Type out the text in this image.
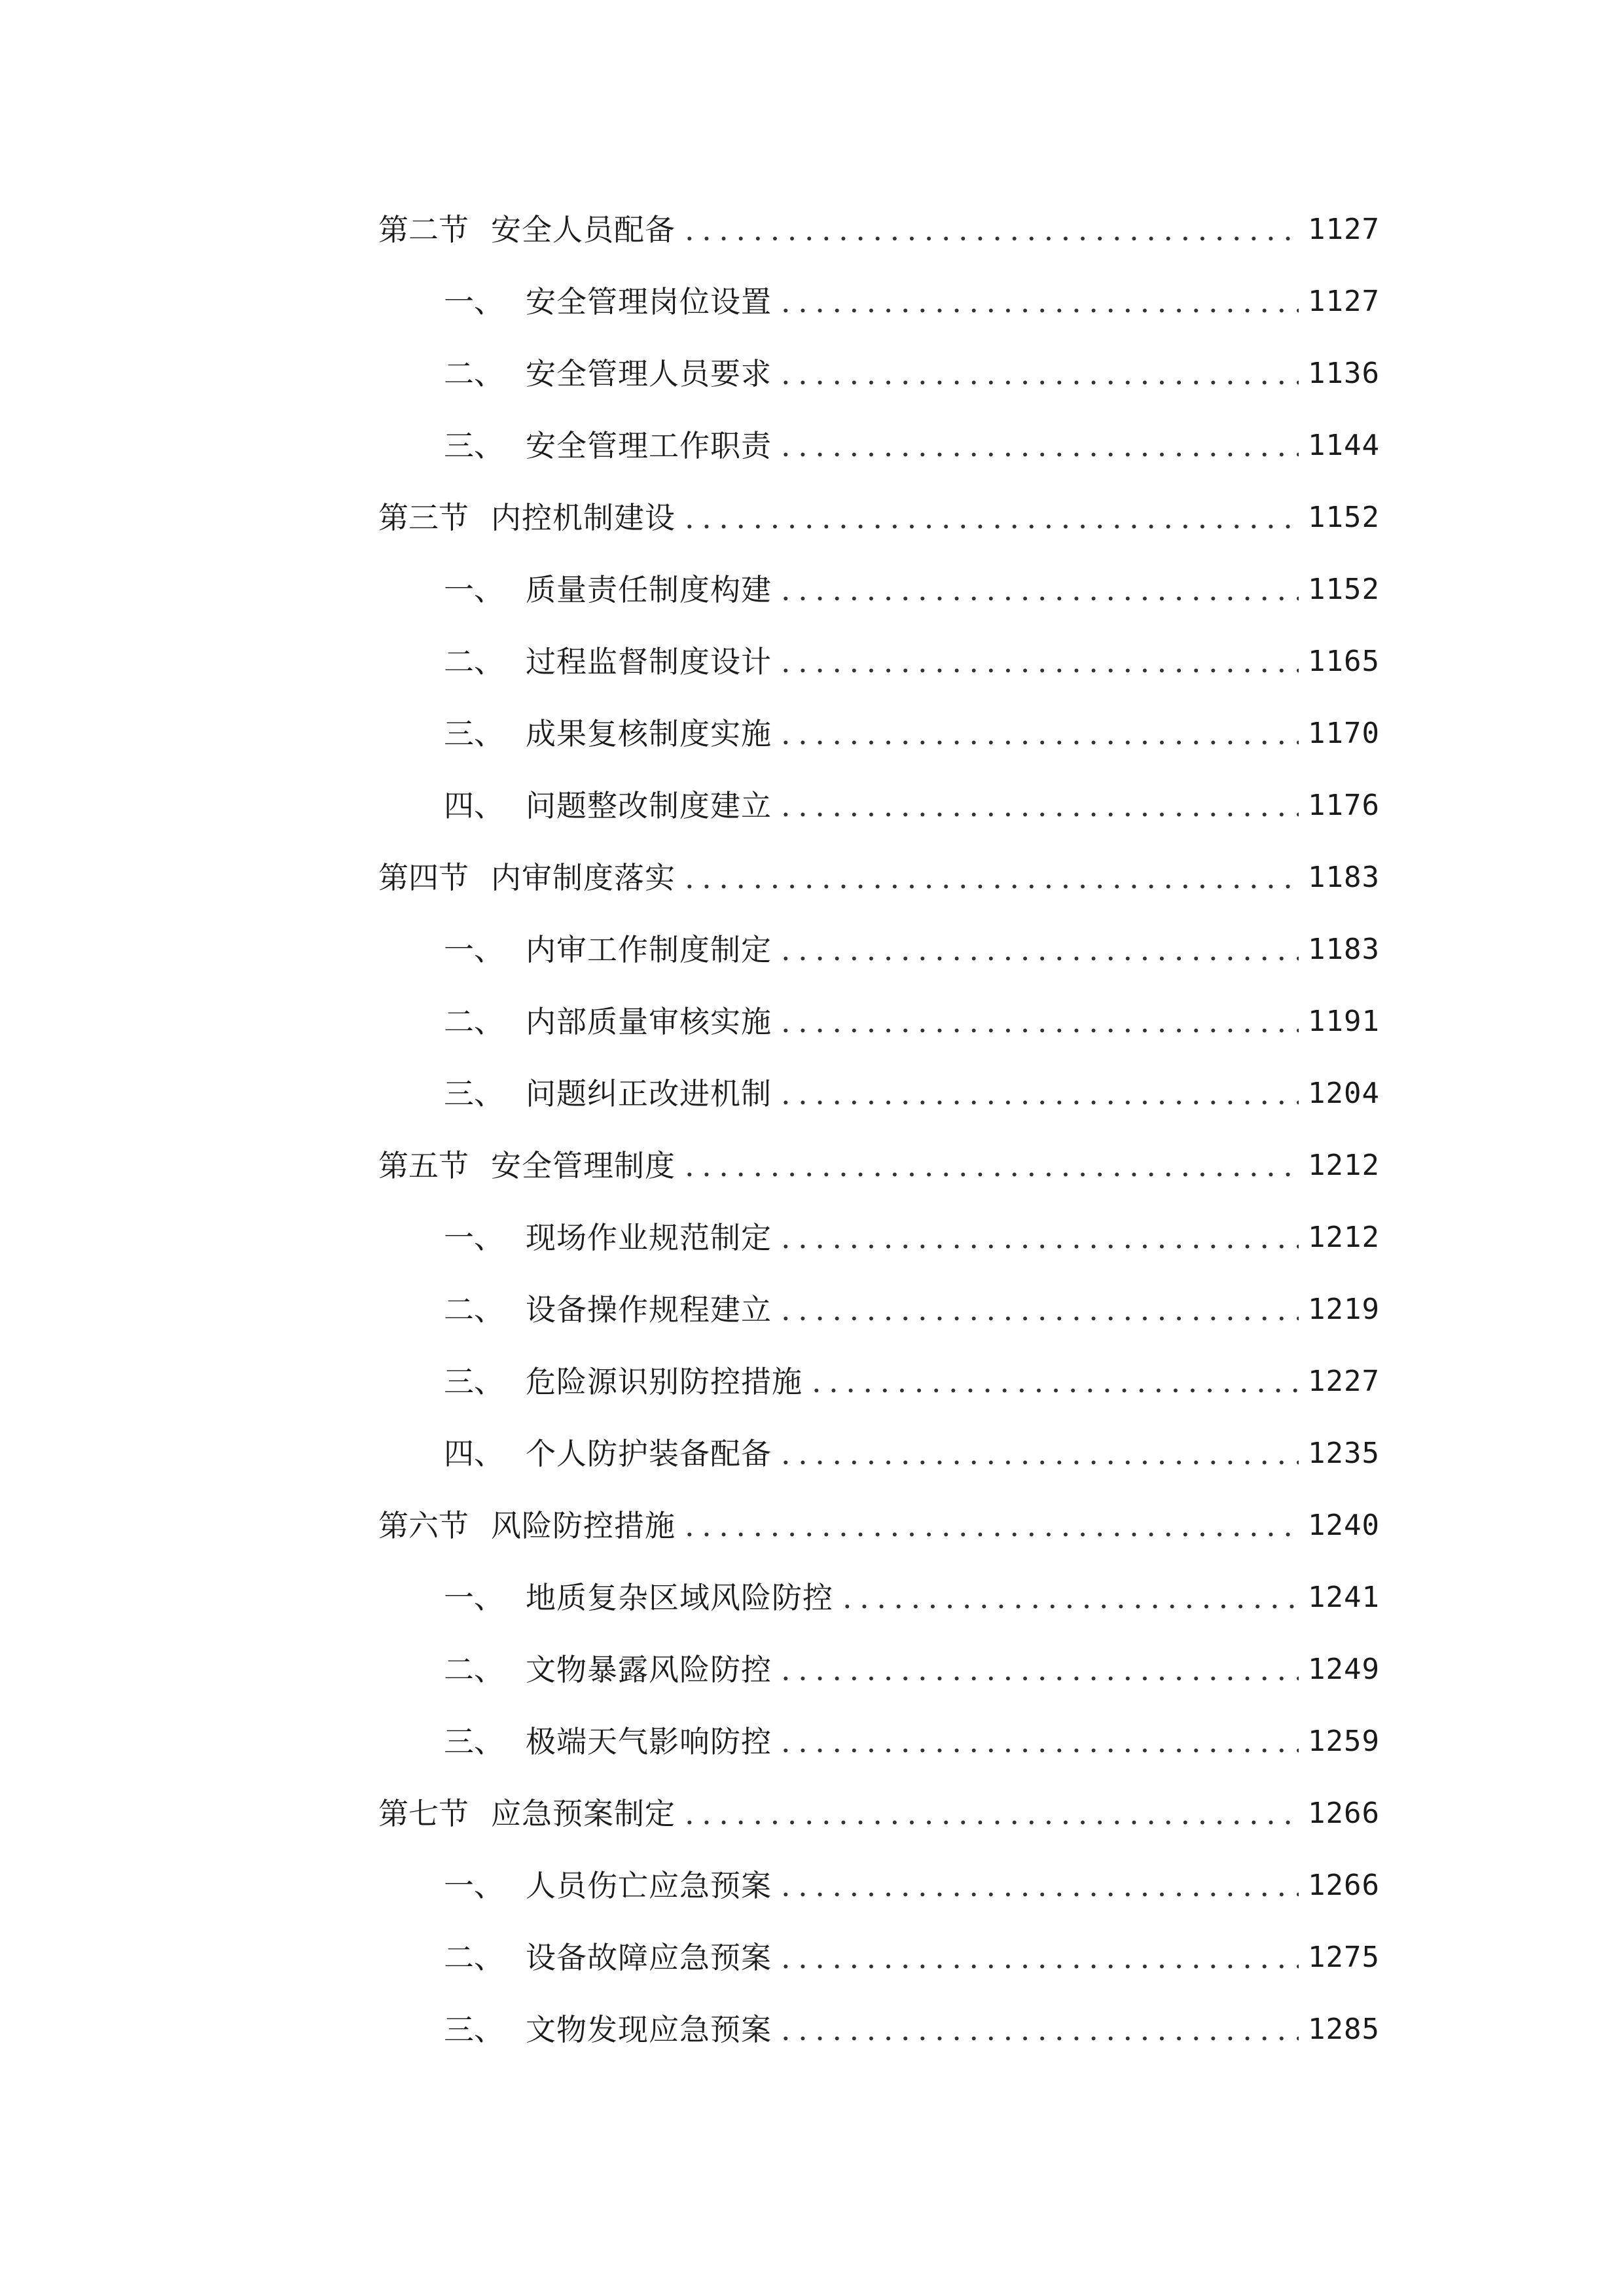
第二节 安全人员配备 .....	1127
一、 安全管理岗位设置 .....	1127
二、 安全管理人员要求 .....	1136
三、 安全管理工作职责 .....	1144
第三节 内控机制建设 .....	1152
一、 质量责任制度构建 .....	1152
二、 过程监督制度设计 .....	1165
三、 成果复核制度实施 .....	1170
四、 问题整改制度建立 .....	1176
第四节 内审制度落实 .....	1183
一、 内审工作制度制定 .....	1183
二、 内部质量审核实施 .....	1191
三、 问题纠正改进机制 .....	1204
第五节 安全管理制度 .....	1212
一、 现场作业规范制定 .....	1212
二、 设备操作规程建立 .....	1219
三、 危险源识别防控措施 .....	1227
四、 个人防护装备配备 .....	1235
第六节 风险防控措施 .....	1240
一、 地质复杂区域风险防控 .....	1241
二、 文物暴露风险防控 .....	1249
三、 极端天气影响防控 .....	1259
第七节 应急预案制定 .....	1266
一、 人员伤亡应急预案 .....	1266
二、 设备故障应急预案 .....	1275
三、 文物发现应急预案 .....	1285
